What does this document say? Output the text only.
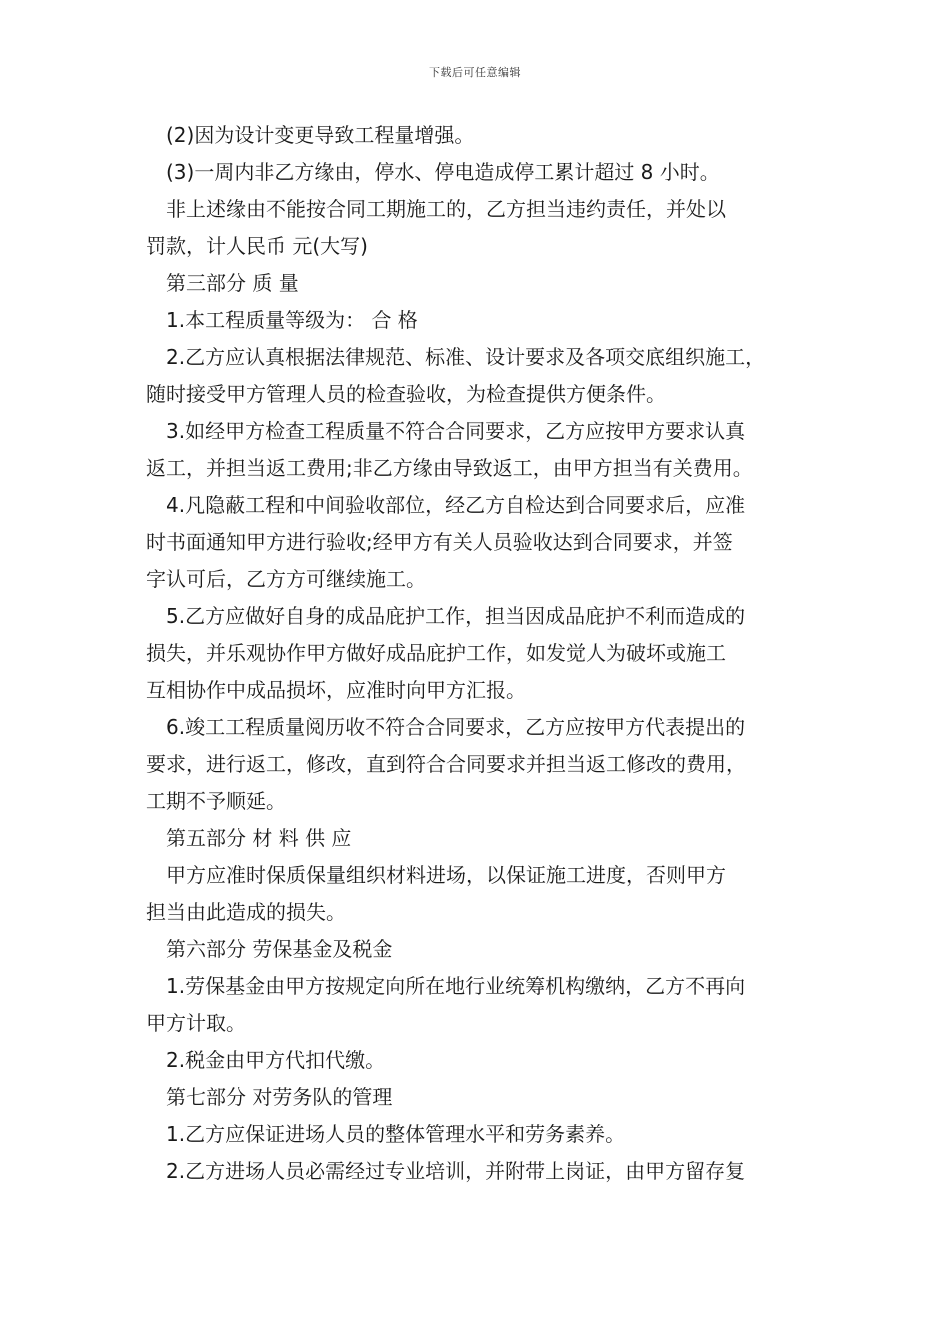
下载后可任意编辑
(2)因为设计变更导致工程量增强。
(3)一周内非乙方缘由，停水、停电造成停工累计超过 8 小时。
非上述缘由不能按合同工期施工的，乙方担当违约责任，并处以
罚款，计人民币 元(大写)
第三部分 质 量
1.本工程质量等级为： 合 格
2.乙方应认真根据法律规范、标准、设计要求及各项交底组织施工，
随时接受甲方管理人员的检查验收，为检查提供方便条件。
3.如经甲方检查工程质量不符合合同要求，乙方应按甲方要求认真
返工，并担当返工费用;非乙方缘由导致返工，由甲方担当有关费用。
4.凡隐蔽工程和中间验收部位，经乙方自检达到合同要求后，应准
时书面通知甲方进行验收;经甲方有关人员验收达到合同要求，并签
字认可后，乙方方可继续施工。
5.乙方应做好自身的成品庇护工作，担当因成品庇护不利而造成的
损失，并乐观协作甲方做好成品庇护工作，如发觉人为破坏或施工
互相协作中成品损坏，应准时向甲方汇报。
6.竣工工程质量阅历收不符合合同要求，乙方应按甲方代表提出的
要求，进行返工，修改，直到符合合同要求并担当返工修改的费用，
工期不予顺延。
第五部分 材 料 供 应
甲方应准时保质保量组织材料进场，以保证施工进度，否则甲方
担当由此造成的损失。
第六部分 劳保基金及税金
1.劳保基金由甲方按规定向所在地行业统筹机构缴纳，乙方不再向
甲方计取。
2.税金由甲方代扣代缴。
第七部分 对劳务队的管理
1.乙方应保证进场人员的整体管理水平和劳务素养。
2.乙方进场人员必需经过专业培训，并附带上岗证，由甲方留存复
